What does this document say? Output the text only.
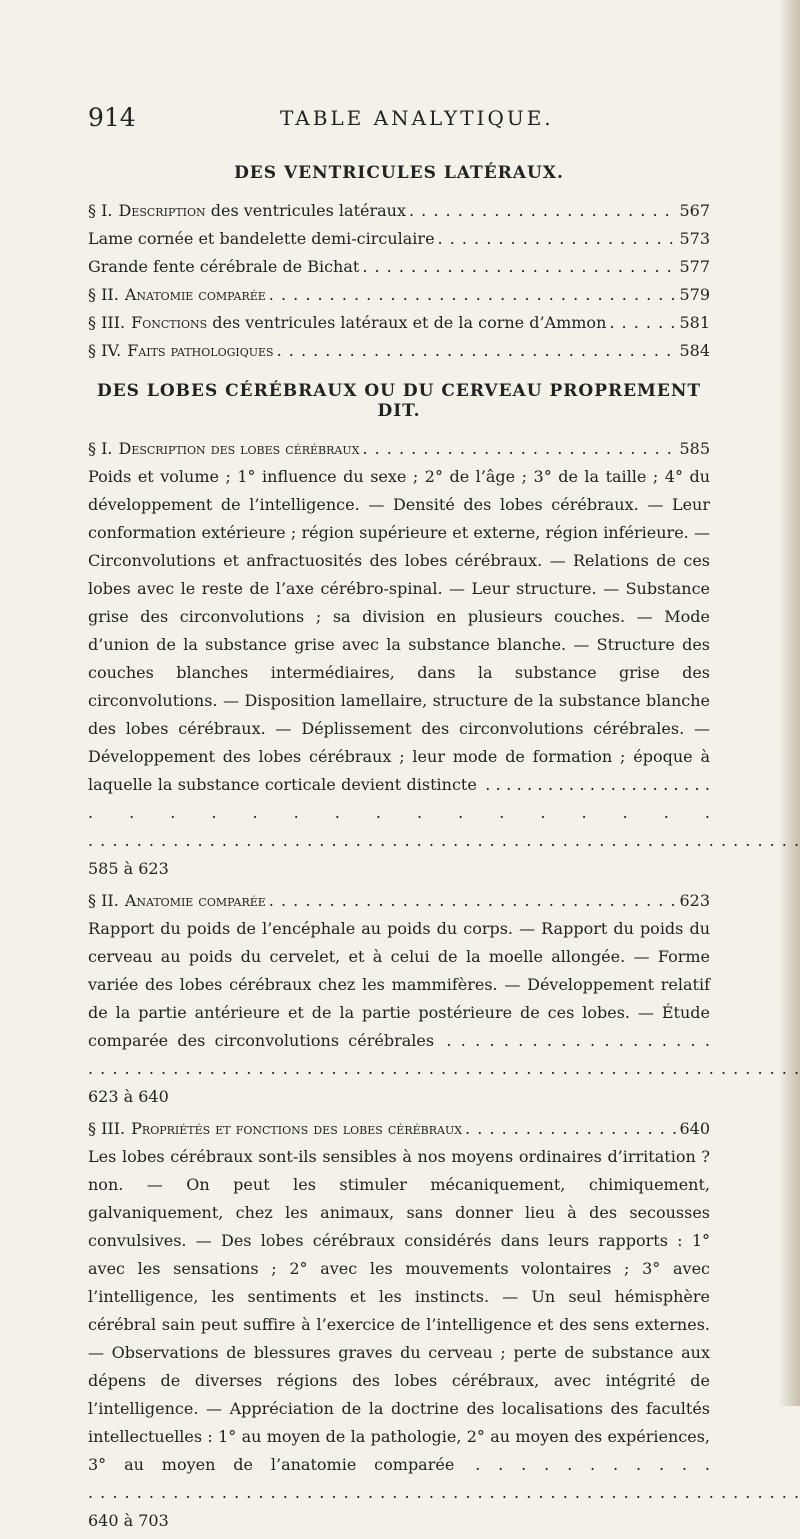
914	TABLE ANALYTIQUE.
DES VENTRICULES LATÉRAUX.
§ I. Description des ventricules latéraux . . .	567
Lame cornée et bandelette demi-circulaire . . .	573
Grande fente cérébrale de Bichat . . .	577
§ II. Anatomie comparée . . .	579
§ III. Fonctions des ventricules latéraux et de la corne d’Ammon . . .	581
§ IV. Faits pathologiques . . .	584
DES LOBES CÉRÉBRAUX OU DU CERVEAU PROPREMENT DIT.
§ I. Description des lobes cérébraux . . .	585
Poids et volume ; 1° influence du sexe ; 2° de l’âge ; 3° de la taille ; 4° du développement de l’intelligence. — Densité des lobes cérébraux. — Leur conformation extérieure ; région supérieure et externe, région inférieure. — Circonvolutions et anfractuosités des lobes cérébraux. — Relations de ces lobes avec le reste de l’axe cérébro-spinal. — Leur structure. — Substance grise des circonvolutions ; sa division en plusieurs couches. — Mode d’union de la substance grise avec la substance blanche. — Structure des couches blanches intermédiaires, dans la substance grise des circonvolutions. — Disposition lamellaire, structure de la substance blanche des lobes cérébraux. — Déplissement des circonvolutions cérébrales. — Développement des lobes cérébraux ; leur mode de formation ; époque à laquelle la substance corticale devient distincte . . . . . . . . . . . . . . . . . . . . . . . . . . . . . . . . . . . . . . . . . 585 à 623
§ II. Anatomie comparée . . .	623
Rapport du poids de l’encéphale au poids du corps. — Rapport du poids du cerveau au poids du cervelet, et à celui de la moelle allongée. — Forme variée des lobes cérébraux chez les mammifères. — Développement relatif de la partie antérieure et de la partie postérieure de ces lobes. — Étude comparée des circonvolutions cérébrales . . . . . . . . . . . . . . . . . . . . . . 623 à 640
§ III. Propriétés et fonctions des lobes cérébraux . . .	640
Les lobes cérébraux sont-ils sensibles à nos moyens ordinaires d’irritation ? non. — On peut les stimuler mécaniquement, chimiquement, galvaniquement, chez les animaux, sans donner lieu à des secousses convulsives. — Des lobes cérébraux considérés dans leurs rapports : 1° avec les sensations ; 2° avec les mouvements volontaires ; 3° avec l’intelligence, les sentiments et les instincts. — Un seul hémisphère cérébral sain peut suffire à l’exercice de l’intelligence et des sens externes. — Observations de blessures graves du cerveau ; perte de substance aux dépens de diverses régions des lobes cérébraux, avec intégrité de l’intelligence. — Appréciation de la doctrine des localisations des facultés intellectuelles : 1° au moyen de la pathologie, 2° au moyen des expériences, 3° au moyen de l’anatomie comparée . . . . . . . . . . . . . . 640 à 703
